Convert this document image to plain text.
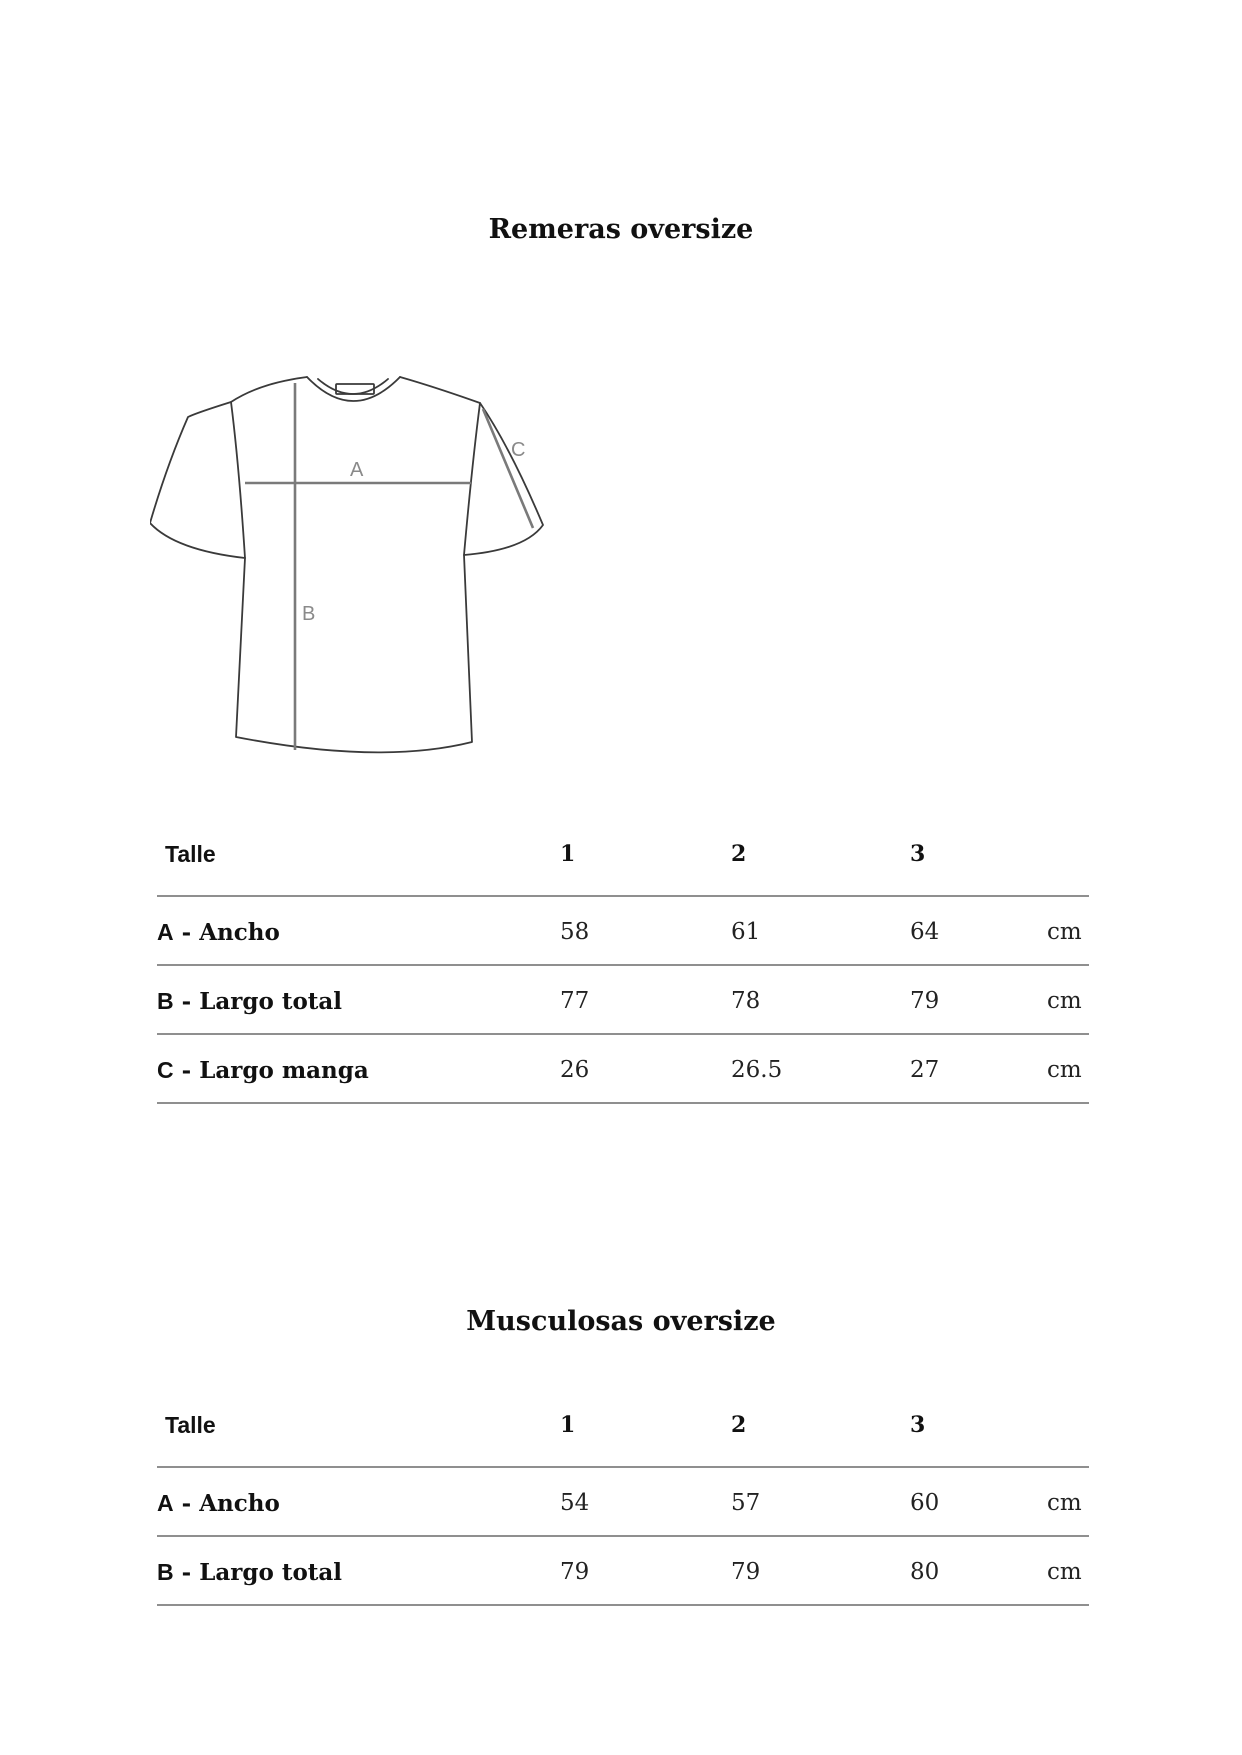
Remeras oversize
A
B
C
Talle	1	2	3
A - Ancho	58	61	64	cm
B - Largo total	77	78	79	cm
C - Largo manga	26	26.5	27	cm
Musculosas oversize
Talle	1	2	3
A - Ancho	54	57	60	cm
B - Largo total	79	79	80	cm
